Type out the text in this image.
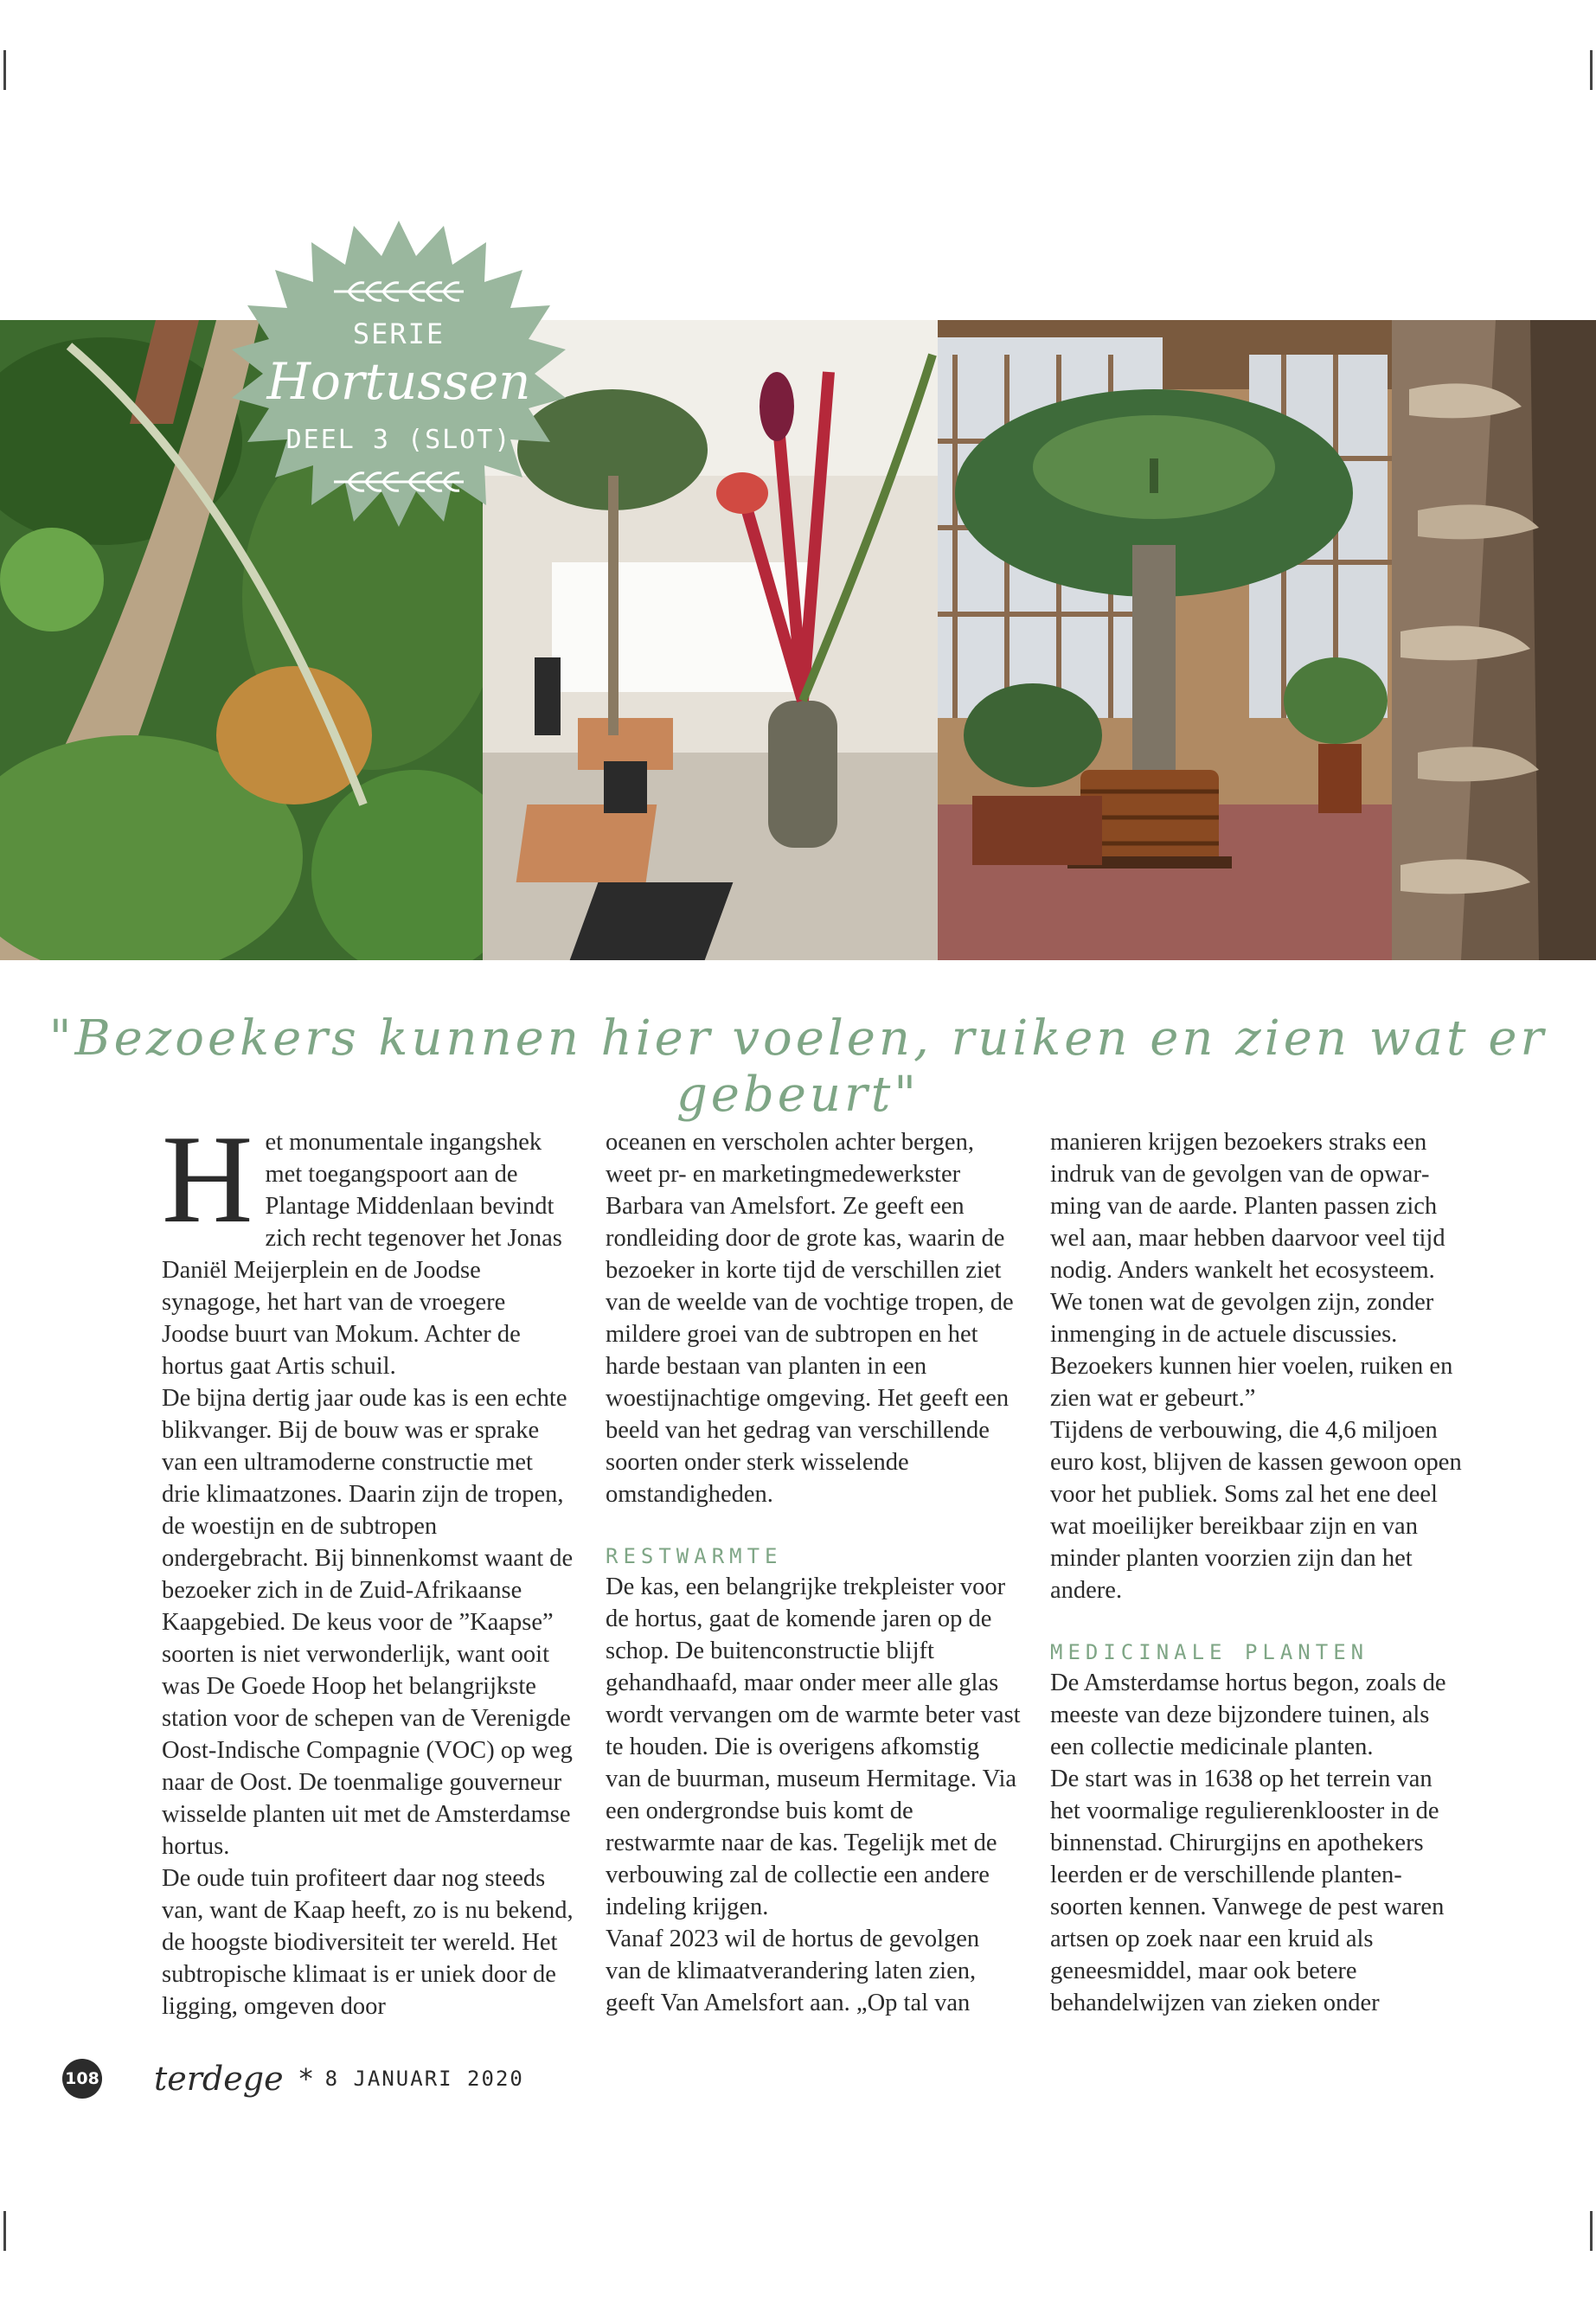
SERIE
Hortussen
DEEL 3 (SLOT)
"Bezoekers kunnen hier voelen, ruiken en zien wat er gebeurt"
H et monumentale ingangshek met toegangspoort aan de Plantage Middenlaan bevindt zich recht tegenover het Jonas Daniël Meijerplein en de Joodse synagoge, het hart van de vroegere Joodse buurt van Mokum. Achter de hortus gaat Artis schuil.

De bijna dertig jaar oude kas is een echte blikvanger. Bij de bouw was er sprake van een ultramoderne constructie met drie klimaatzones. Daarin zijn de tropen, de woestijn en de subtropen ondergebracht. Bij binnenkomst waant de bezoeker zich in de Zuid-Afrikaanse Kaapgebied. De keus voor de ”Kaapse” soorten is niet verwonderlijk, want ooit was De Goede Hoop het belangrijkste station voor de schepen van de Verenigde Oost-Indische Compagnie (VOC) op weg naar de Oost. De toenmalige gouverneur wisselde planten uit met de Amsterdamse hortus.

De oude tuin profiteert daar nog steeds van, want de Kaap heeft, zo is nu bekend, de hoogste biodiversiteit ter wereld. Het subtropische klimaat is er uniek door de ligging, omgeven door

oceanen en verscholen achter bergen, weet pr- en marketingmedewerkster Barbara van Amelsfort. Ze geeft een rondleiding door de grote kas, waarin de bezoeker in korte tijd de verschillen ziet van de weelde van de vochtige tropen, de mildere groei van de subtropen en het harde bestaan van planten in een woestijnachtige omgeving. Het geeft een beeld van het gedrag van verschillende soorten onder sterk wisselende omstandigheden.

RESTWARMTE

De kas, een belangrijke trekpleister voor de hortus, gaat de komende jaren op de schop. De buitenconstructie blijft gehandhaafd, maar onder meer alle glas wordt vervangen om de warmte beter vast te houden. Die is overigens afkomstig van de buurman, museum Hermitage. Via een ondergrondse buis komt de restwarmte naar de kas. Tegelijk met de verbouwing zal de collectie een andere indeling krijgen.

Vanaf 2023 wil de hortus de gevolgen van de klimaatverandering laten zien, geeft Van Amelsfort aan. „Op tal van

manieren krijgen bezoekers straks een indruk van de gevolgen van de opwarming van de aarde. Planten passen zich wel aan, maar hebben daarvoor veel tijd nodig. Anders wankelt het ecosysteem. We tonen wat de gevolgen zijn, zonder inmenging in de actuele discussies. Bezoekers kunnen hier voelen, ruiken en zien wat er gebeurt.”

Tijdens de verbouwing, die 4,6 miljoen euro kost, blijven de kassen gewoon open voor het publiek. Soms zal het ene deel wat moeilijker bereikbaar zijn en van minder planten voorzien zijn dan het andere.

MEDICINALE PLANTEN

De Amsterdamse hortus begon, zoals de meeste van deze bijzondere tuinen, als een collectie medicinale planten.

De start was in 1638 op het terrein van het voormalige regulierenklooster in de binnenstad. Chirurgijns en apothekers leerden er de verschillende plantensoorten kennen. Vanwege de pest waren artsen op zoek naar een kruid als geneesmiddel, maar ook betere behandelwijzen van zieken onder

108 terdege * 8 JANUARI 2020
